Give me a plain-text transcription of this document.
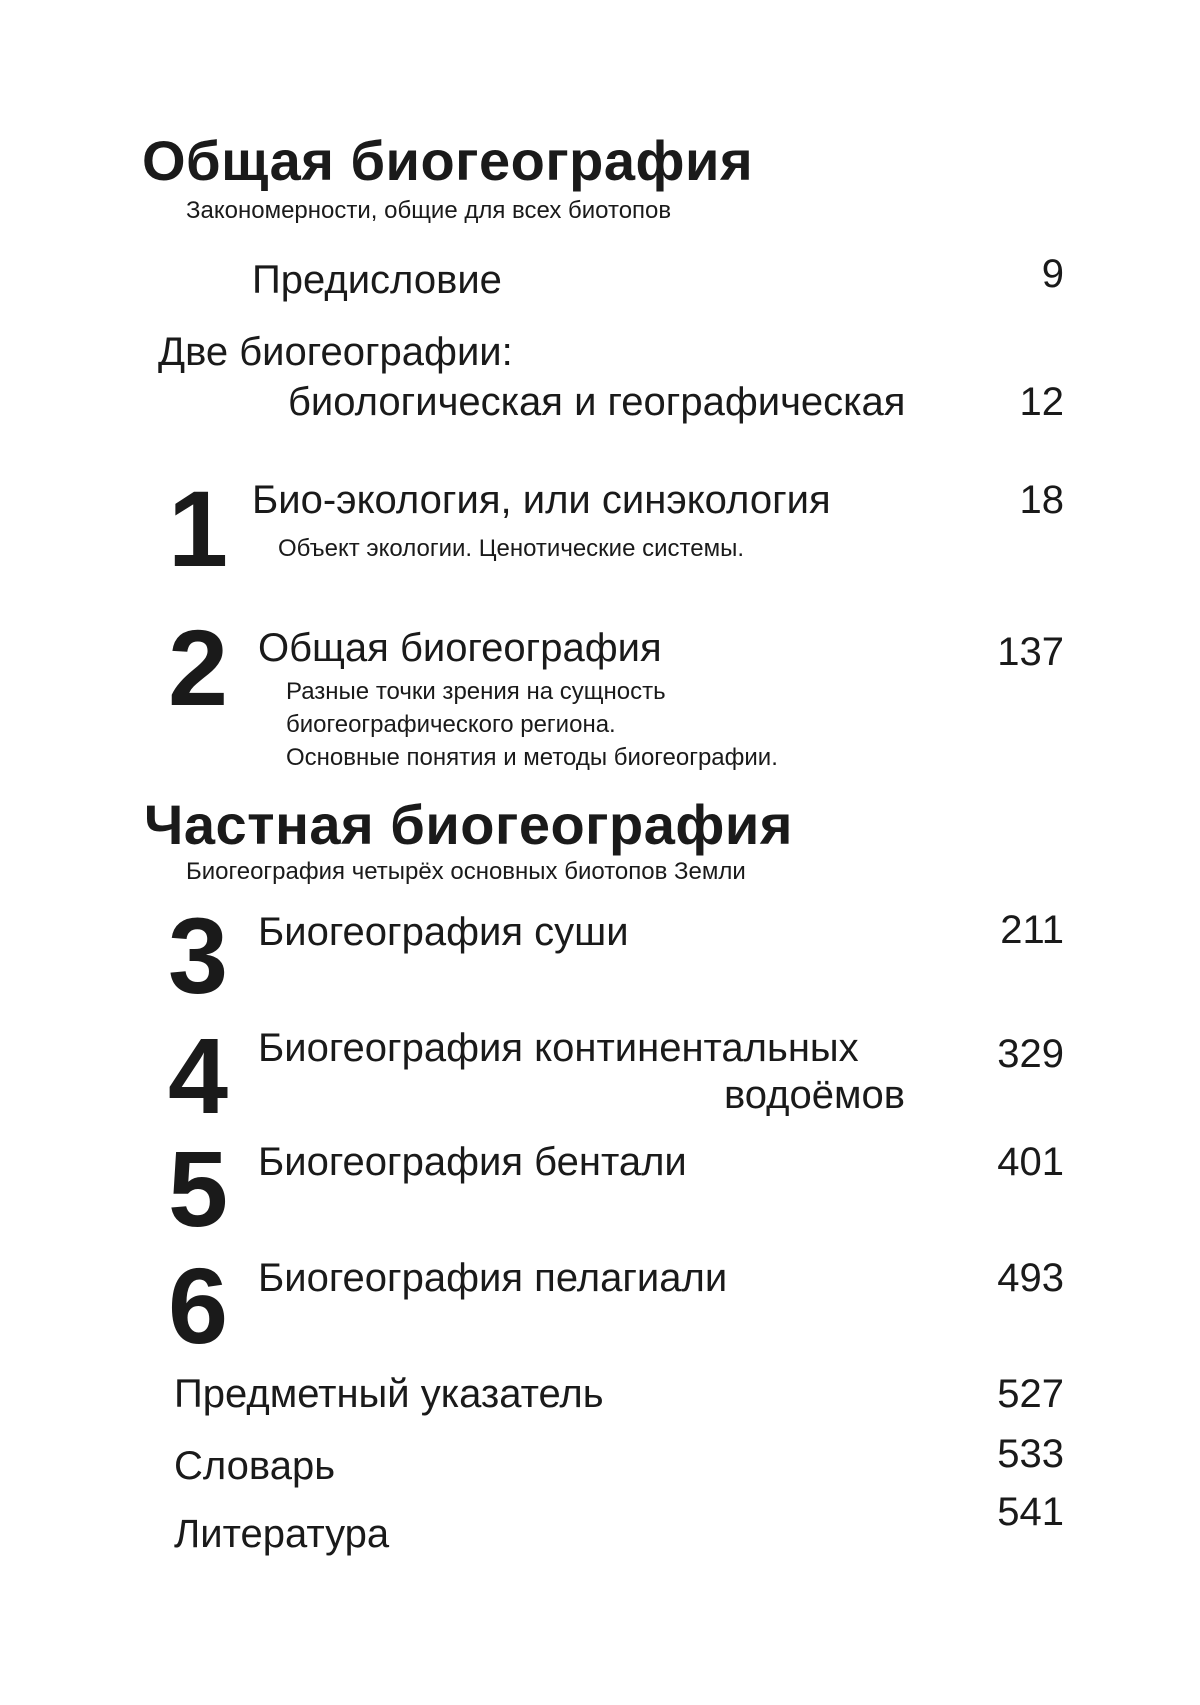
Общая биогеография
Закономерности, общие для всех биотопов
Предисловие	9
Две биогеографии:
биологическая и географическая	12
1 Био-экология, или синэкология	18
Объект экологии. Ценотические системы.
2 Общая биогеография	137
Разные точки зрения на сущность
биогеографического региона.
Основные понятия и методы биогеографии.
Частная биогеография
Биогеография четырёх основных биотопов Земли
3 Биогеография суши	211
4 Биогеография континентальных
водоёмов
329
5 Биогеография бентали	401
6 Биогеография пелагиали	493
Предметный указатель	527
Словарь	533
Литература	541
